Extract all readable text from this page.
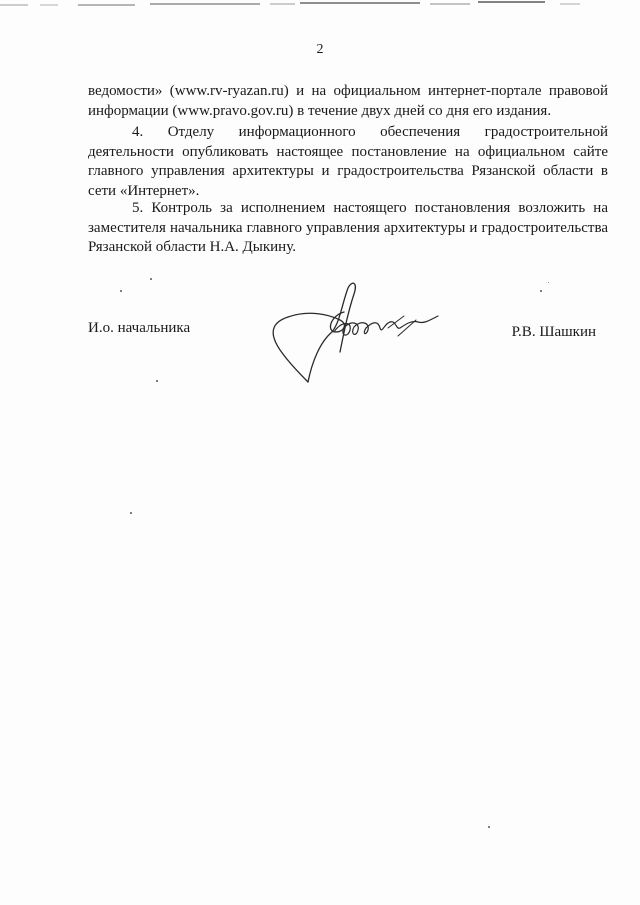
2

ведомости» (www.rv-ryazan.ru) и на официальном интернет-портале правовой информации (www.pravo.gov.ru) в течение двух дней со дня его издания.

4. Отделу информационного обеспечения градостроительной деятельности опубликовать настоящее постановление на официальном сайте главного управления архитектуры и градостроительства Рязанской области в сети «Интернет».

5. Контроль за исполнением настоящего постановления возложить на заместителя начальника главного управления архитектуры и градостроительства Рязанской области Н.А. Дыкину.

И.о. начальника	Р.В. Шашкин
